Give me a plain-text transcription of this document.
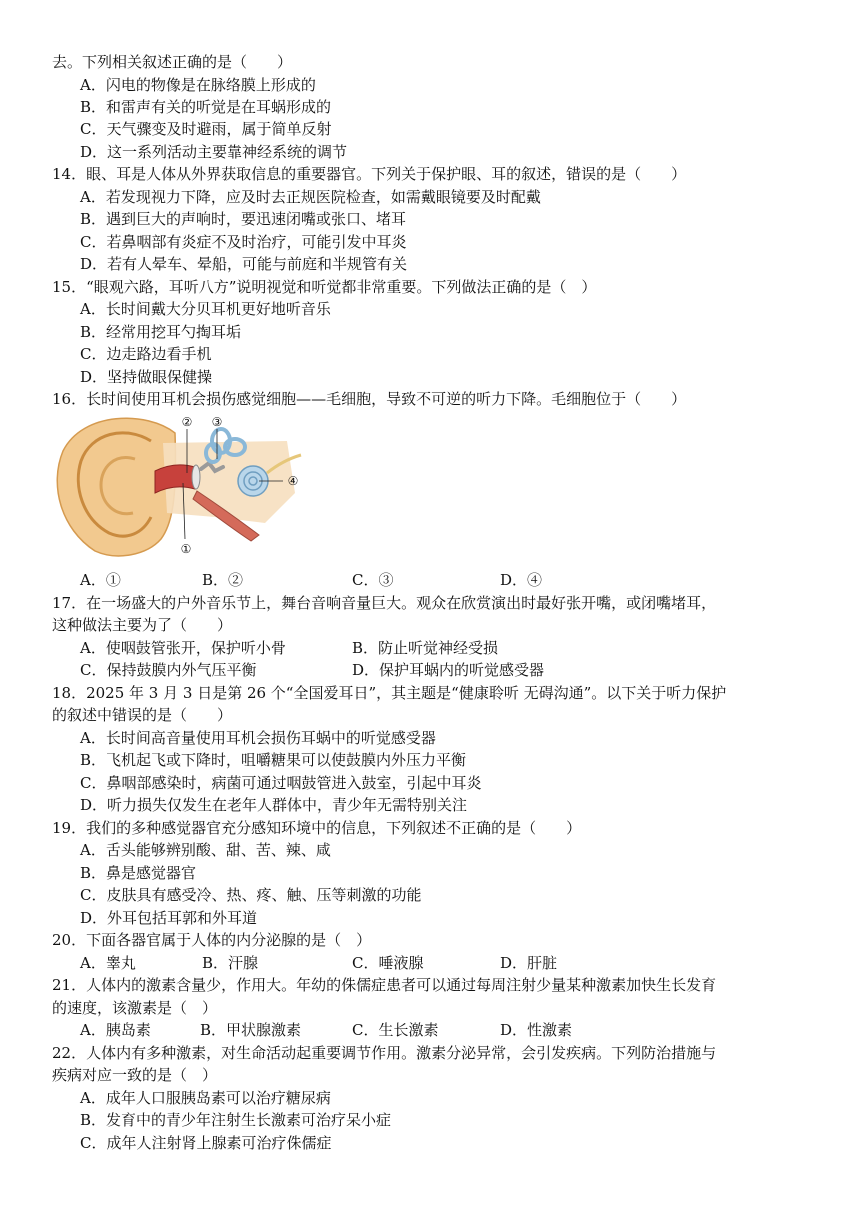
去。下列相关叙述正确的是（　　）
A．闪电的物像是在脉络膜上形成的
B．和雷声有关的听觉是在耳蜗形成的
C．天气骤变及时避雨，属于简单反射
D．这一系列活动主要靠神经系统的调节
14．眼、耳是人体从外界获取信息的重要器官。下列关于保护眼、耳的叙述，错误的是（　　）
A．若发现视力下降，应及时去正规医院检查，如需戴眼镜要及时配戴
B．遇到巨大的声响时，要迅速闭嘴或张口、堵耳
C．若鼻咽部有炎症不及时治疗，可能引发中耳炎
D．若有人晕车、晕船，可能与前庭和半规管有关
15．“眼观六路，耳听八方”说明视觉和听觉都非常重要。下列做法正确的是（　）
A．长时间戴大分贝耳机更好地听音乐
B．经常用挖耳勺掏耳垢
C．边走路边看手机
D．坚持做眼保健操
16．长时间使用耳机会损伤感觉细胞——毛细胞，导致不可逆的听力下降。毛细胞位于（　　）
② ③
④
①
A．①	B．②	C．③	D．④
17．在一场盛大的户外音乐节上，舞台音响音量巨大。观众在欣赏演出时最好张开嘴，或闭嘴堵耳，
这种做法主要为了（　　）
A．使咽鼓管张开，保护听小骨	B．防止听觉神经受损
C．保持鼓膜内外气压平衡	D．保护耳蜗内的听觉感受器
18．2025 年 3 月 3 日是第 26 个“全国爱耳日”，其主题是“健康聆听 无碍沟通”。以下关于听力保护
的叙述中错误的是（　　）
A．长时间高音量使用耳机会损伤耳蜗中的听觉感受器
B．飞机起飞或下降时，咀嚼糖果可以使鼓膜内外压力平衡
C．鼻咽部感染时，病菌可通过咽鼓管进入鼓室，引起中耳炎
D．听力损失仅发生在老年人群体中，青少年无需特别关注
19．我们的多种感觉器官充分感知环境中的信息，下列叙述不正确的是（　　）
A．舌头能够辨别酸、甜、苦、辣、咸
B．鼻是感觉器官
C．皮肤具有感受冷、热、疼、触、压等刺激的功能
D．外耳包括耳郭和外耳道
20．下面各器官属于人体的内分泌腺的是（　）
A．睾丸	B．汗腺	C．唾液腺	D．肝脏
21．人体内的激素含量少，作用大。年幼的侏儒症患者可以通过每周注射少量某种激素加快生长发育
的速度，该激素是（　）
A．胰岛素	B．甲状腺激素	C．生长激素	D．性激素
22．人体内有多种激素，对生命活动起重要调节作用。激素分泌异常，会引发疾病。下列防治措施与
疾病对应一致的是（　）
A．成年人口服胰岛素可以治疗糖尿病
B．发育中的青少年注射生长激素可治疗呆小症
C．成年人注射肾上腺素可治疗侏儒症
